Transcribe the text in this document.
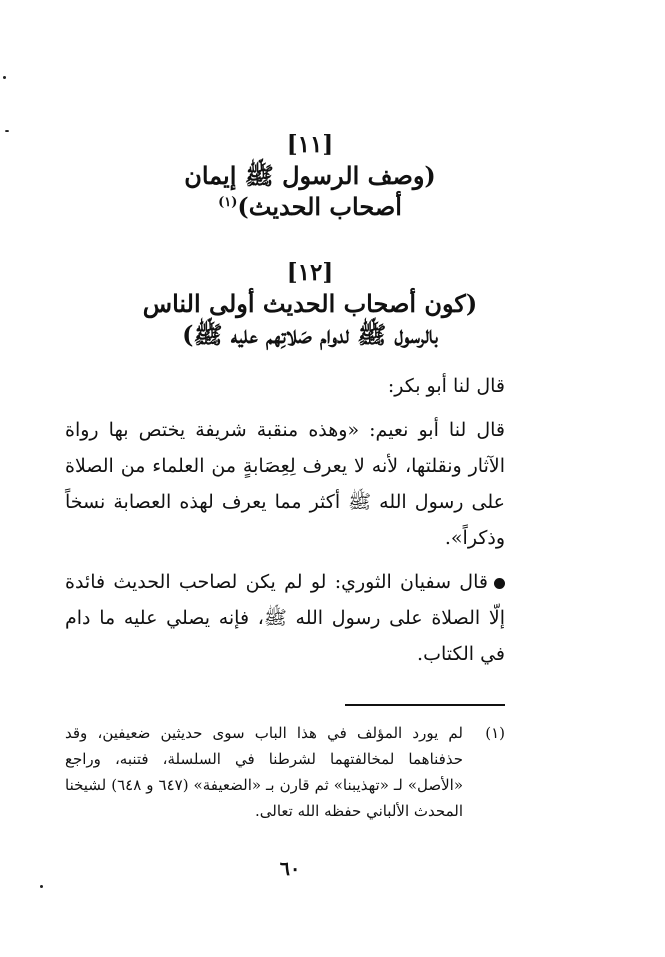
[١١]
(وصف الرسول ﷺ إيمان
أصحاب الحديث)$^{(١)}$
[١٢]
(كون أصحاب الحديث أولى الناس
بالرسول ﷺ لدوام صَلاتِهم عليه ﷺ)

قال لنا أبو بكر:

قال لنا أبو نعيم: «وهذه منقبة شريفة يختص بها رواة الآثار ونقلتها، لأنه لا يعرف لِعِصَابةٍ من العلماء من الصلاة على رسول الله ﷺ أكثر مما يعرف لهذه العصابة نسخاً وذكراً».

قال سفيان الثوري: لو لم يكن لصاحب الحديث فائدة إلّا الصلاة على رسول الله ﷺ، فإنه يصلي عليه ما دام في الكتاب.

(١)
لم يورد المؤلف في هذا الباب سوى حديثين ضعيفين، وقد حذفناهما لمخالفتهما لشرطنا في السلسلة، فتنبه، وراجع «الأصل» لـ «تهذيبنا» ثم قارن بـ «الضعيفة» (٦٤٧ و ٦٤٨) لشيخنا المحدث الألباني حفظه الله تعالى.
٦٠
